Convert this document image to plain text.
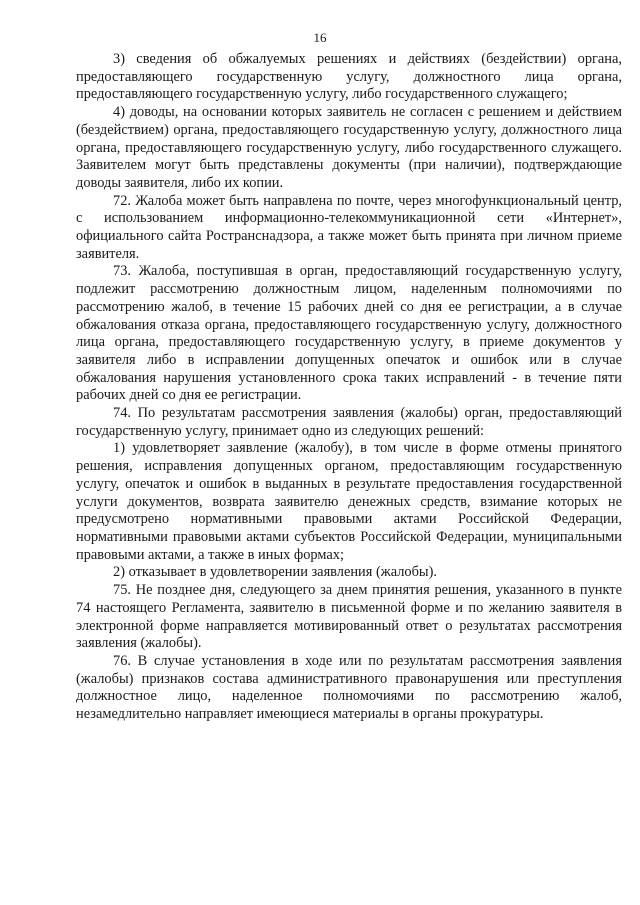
16

3) сведения об обжалуемых решениях и действиях (бездействии) органа, предоставляющего государственную услугу, должностного лица органа, предоставляющего государственную услугу, либо государственного служащего;

4) доводы, на основании которых заявитель не согласен с решением и действием (бездействием) органа, предоставляющего государственную услугу, должностного лица органа, предоставляющего государственную услугу, либо государственного служащего. Заявителем могут быть представлены документы (при наличии), подтверждающие доводы заявителя, либо их копии.

72. Жалоба может быть направлена по почте, через многофункциональный центр, с использованием информационно-телекоммуникационной сети «Интернет», официального сайта Ространснадзора, а также может быть принята при личном приеме заявителя.

73. Жалоба, поступившая в орган, предоставляющий государственную услугу, подлежит рассмотрению должностным лицом, наделенным полномочиями по рассмотрению жалоб, в течение 15 рабочих дней со дня ее регистрации, а в случае обжалования отказа органа, предоставляющего государственную услугу, должностного лица органа, предоставляющего государственную услугу, в приеме документов у заявителя либо в исправлении допущенных опечаток и ошибок или в случае обжалования нарушения установленного срока таких исправлений - в течение пяти рабочих дней со дня ее регистрации.

74. По результатам рассмотрения заявления (жалобы) орган, предоставляющий государственную услугу, принимает одно из следующих решений:

1) удовлетворяет заявление (жалобу), в том числе в форме отмены принятого решения, исправления допущенных органом, предоставляющим государственную услугу, опечаток и ошибок в выданных в результате предоставления государственной услуги документов, возврата заявителю денежных средств, взимание которых не предусмотрено нормативными правовыми актами Российской Федерации, нормативными правовыми актами субъектов Российской Федерации, муниципальными правовыми актами, а также в иных формах;

2) отказывает в удовлетворении заявления (жалобы).

75. Не позднее дня, следующего за днем принятия решения, указанного в пункте 74 настоящего Регламента, заявителю в письменной форме и по желанию заявителя в электронной форме направляется мотивированный ответ о результатах рассмотрения заявления (жалобы).

76. В случае установления в ходе или по результатам рассмотрения заявления (жалобы) признаков состава административного правонарушения или преступления должностное лицо, наделенное полномочиями по рассмотрению жалоб, незамедлительно направляет имеющиеся материалы в органы прокуратуры.
